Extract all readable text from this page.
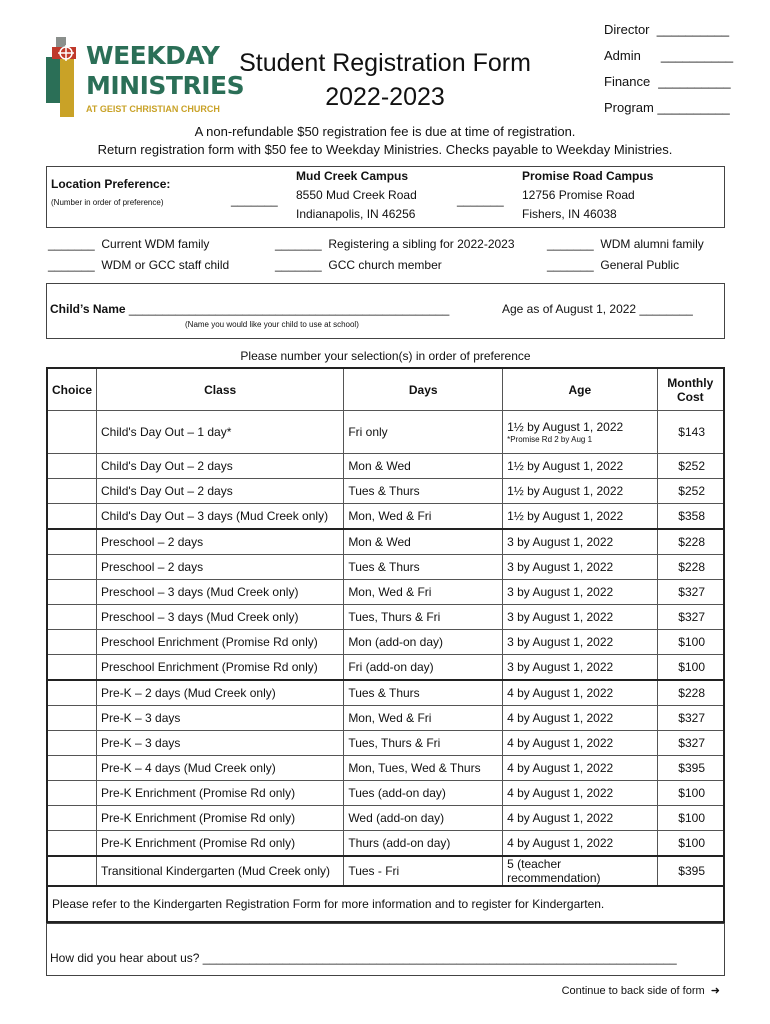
WEEKDAY
MINISTRIES
AT GEIST CHRISTIAN CHURCH
Student Registration Form
2022-2023
Director __________
Admin __________
Finance __________
Program __________
A non-refundable $50 registration fee is due at time of registration.
Return registration form with $50 fee to Weekday Ministries. Checks payable to Weekday Ministries.
Location Preference:
(Number in order of preference)	_______
Mud Creek Campus
8550 Mud Creek Road
Indianapolis, IN 46256
_______
Promise Road Campus
12756 Promise Road
Fishers, IN 46038
_______ Current WDM family	_______ Registering a sibling for 2022-2023	_______ WDM alumni family
_______ WDM or GCC staff child	_______ GCC church member	_______ General Public
Child’s Name ________________________________________________
(Name you would like your child to use at school)
Age as of August 1, 2022 ________
Please number your selection(s) in order of preference
Choice	Class	Days	Age	Monthly
Cost
	Child's Day Out – 1 day*	Fri only	1½ by August 1, 2022
*Promise Rd 2 by Aug 1	$143
	Child's Day Out – 2 days	Mon & Wed	1½ by August 1, 2022	$252
	Child's Day Out – 2 days	Tues & Thurs	1½ by August 1, 2022	$252
	Child's Day Out – 3 days (Mud Creek only)	Mon, Wed & Fri	1½ by August 1, 2022	$358
	Preschool – 2 days	Mon & Wed	3 by August 1, 2022	$228
	Preschool – 2 days	Tues & Thurs	3 by August 1, 2022	$228
	Preschool – 3 days (Mud Creek only)	Mon, Wed & Fri	3 by August 1, 2022	$327
	Preschool – 3 days (Mud Creek only)	Tues, Thurs & Fri	3 by August 1, 2022	$327
	Preschool Enrichment (Promise Rd only)	Mon (add-on day)	3 by August 1, 2022	$100
	Preschool Enrichment (Promise Rd only)	Fri (add-on day)	3 by August 1, 2022	$100
	Pre-K – 2 days (Mud Creek only)	Tues & Thurs	4 by August 1, 2022	$228
	Pre-K – 3 days	Mon, Wed & Fri	4 by August 1, 2022	$327
	Pre-K – 3 days	Tues, Thurs & Fri	4 by August 1, 2022	$327
	Pre-K – 4 days (Mud Creek only)	Mon, Tues, Wed & Thurs	4 by August 1, 2022	$395
	Pre-K Enrichment (Promise Rd only)	Tues (add-on day)	4 by August 1, 2022	$100
	Pre-K Enrichment (Promise Rd only)	Wed (add-on day)	4 by August 1, 2022	$100
	Pre-K Enrichment (Promise Rd only)	Thurs (add-on day)	4 by August 1, 2022	$100
	Transitional Kindergarten (Mud Creek only)	Tues - Fri	5 (teacher recommendation)	$395
Please refer to the Kindergarten Registration Form for more information and to register for Kindergarten.				
How did you hear about us? _______________________________________________________________________
Continue to back side of form ➜
